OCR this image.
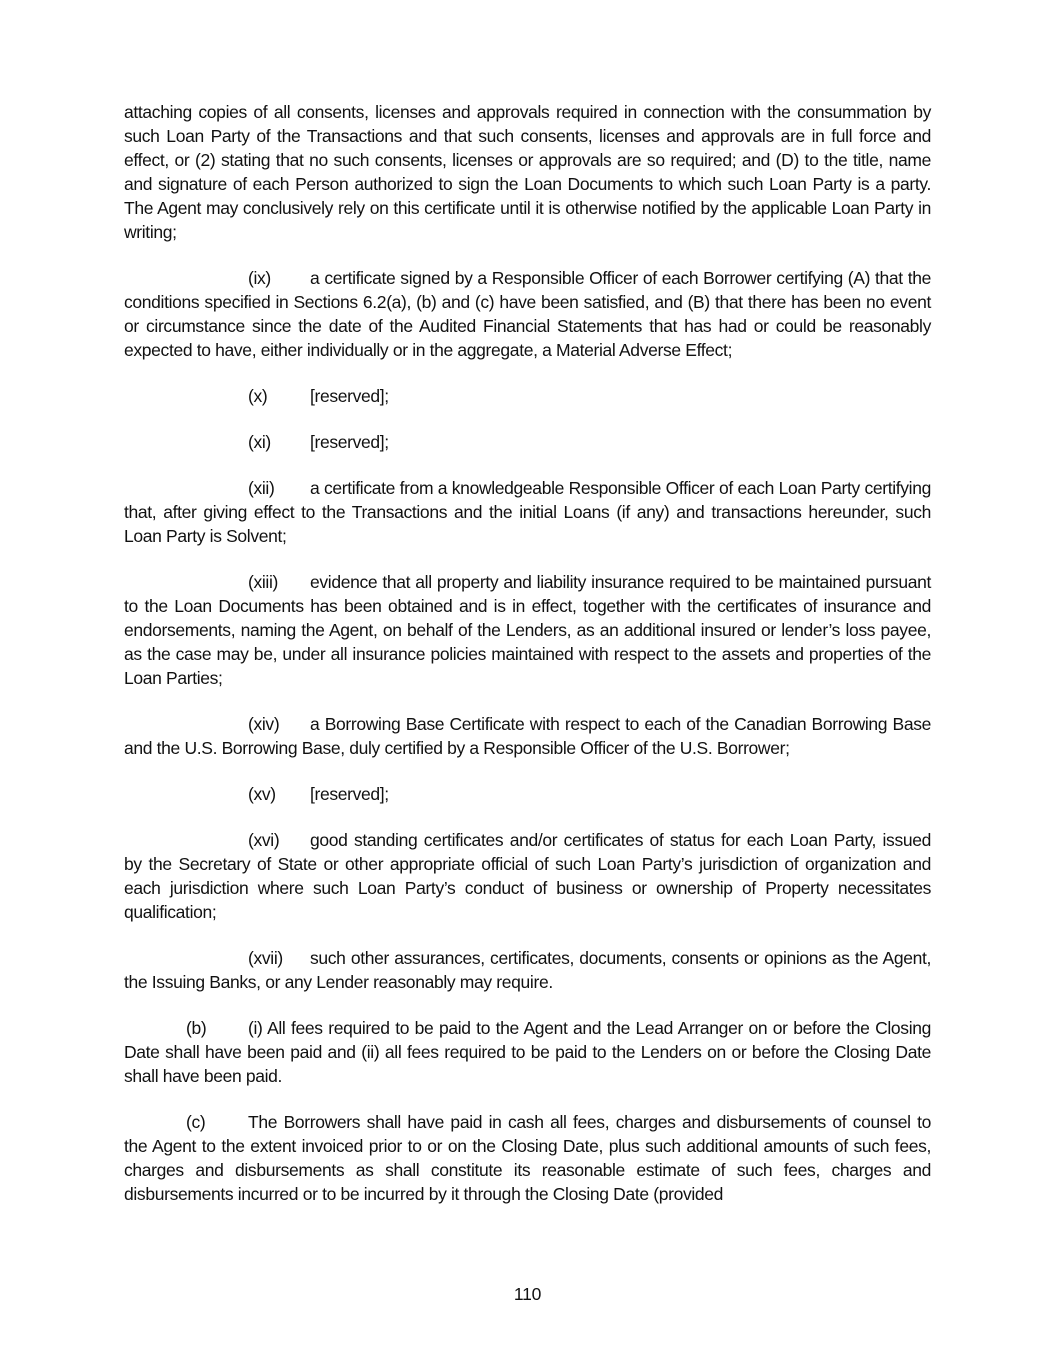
attaching copies of all consents, licenses and approvals required in connection with the consummation by such Loan Party of the Transactions and that such consents, licenses and approvals are in full force and effect, or (2) stating that no such consents, licenses or approvals are so required; and (D) to the title, name and signature of each Person authorized to sign the Loan Documents to which such Loan Party is a party. The Agent may conclusively rely on this certificate until it is otherwise notified by the applicable Loan Party in writing;

(ix) a certificate signed by a Responsible Officer of each Borrower certifying (A) that the conditions specified in Sections 6.2(a), (b) and (c) have been satisfied, and (B) that there has been no event or circumstance since the date of the Audited Financial Statements that has had or could be reasonably expected to have, either individually or in the aggregate, a Material Adverse Effect;

(x) [reserved];

(xi) [reserved];

(xii) a certificate from a knowledgeable Responsible Officer of each Loan Party certifying that, after giving effect to the Transactions and the initial Loans (if any) and transactions hereunder, such Loan Party is Solvent;

(xiii) evidence that all property and liability insurance required to be maintained pursuant to the Loan Documents has been obtained and is in effect, together with the certificates of insurance and endorsements, naming the Agent, on behalf of the Lenders, as an additional insured or lender’s loss payee, as the case may be, under all insurance policies maintained with respect to the assets and properties of the Loan Parties;

(xiv) a Borrowing Base Certificate with respect to each of the Canadian Borrowing Base and the U.S. Borrowing Base, duly certified by a Responsible Officer of the U.S. Borrower;

(xv) [reserved];

(xvi) good standing certificates and/or certificates of status for each Loan Party, issued by the Secretary of State or other appropriate official of such Loan Party’s jurisdiction of organization and each jurisdiction where such Loan Party’s conduct of business or ownership of Property necessitates qualification;

(xvii) such other assurances, certificates, documents, consents or opinions as the Agent, the Issuing Banks, or any Lender reasonably may require.

(b) (i) All fees required to be paid to the Agent and the Lead Arranger on or before the Closing Date shall have been paid and (ii) all fees required to be paid to the Lenders on or before the Closing Date shall have been paid.

(c) The Borrowers shall have paid in cash all fees, charges and disbursements of counsel to the Agent to the extent invoiced prior to or on the Closing Date, plus such additional amounts of such fees, charges and disbursements as shall constitute its reasonable estimate of such fees, charges and disbursements incurred or to be incurred by it through the Closing Date (provided

110
